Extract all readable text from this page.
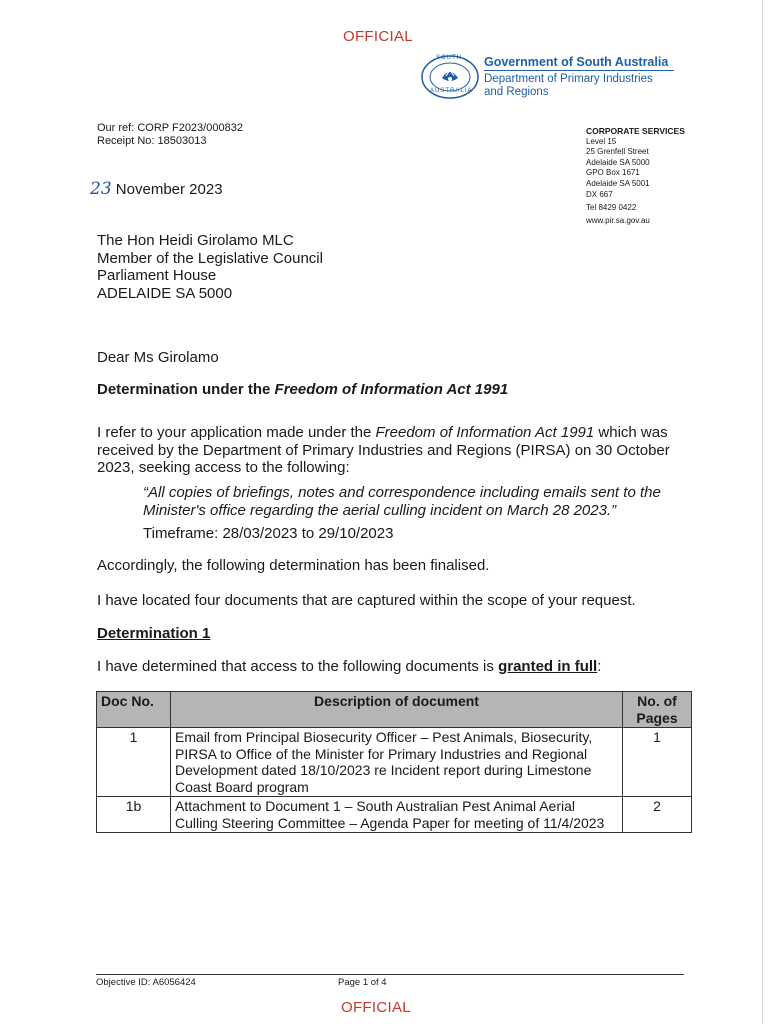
OFFICIAL
SOUTH
AUSTRALIA
Government of South Australia
Department of Primary Industries
and Regions
Our ref: CORP F2023/000832
Receipt No: 18503013
CORPORATE SERVICES
Level 15
25 Grenfell Street
Adelaide SA 5000
GPO Box 1671
Adelaide SA 5001
DX 667
Tel 8429 0422
www.pir.sa.gov.au
23 November 2023
The Hon Heidi Girolamo MLC
Member of the Legislative Council
Parliament House
ADELAIDE SA 5000
Dear Ms Girolamo
Determination under the Freedom of Information Act 1991
I refer to your application made under the Freedom of Information Act 1991 which was received by the Department of Primary Industries and Regions (PIRSA) on 30 October 2023, seeking access to the following:
“All copies of briefings, notes and correspondence including emails sent to the Minister's office regarding the aerial culling incident on March 28 2023.”
Timeframe: 28/03/2023 to 29/10/2023
Accordingly, the following determination has been finalised.
I have located four documents that are captured within the scope of your request.
Determination 1
I have determined that access to the following documents is granted in full:
Doc No.	Description of document	No. of Pages
1	Email from Principal Biosecurity Officer – Pest Animals, Biosecurity, PIRSA to Office of the Minister for Primary Industries and Regional Development dated 18/10/2023 re Incident report during Limestone Coast Board program	1
1b	Attachment to Document 1 – South Australian Pest Animal Aerial Culling Steering Committee – Agenda Paper for meeting of 11/4/2023	2
Objective ID: A6056424	Page 1 of 4
OFFICIAL
